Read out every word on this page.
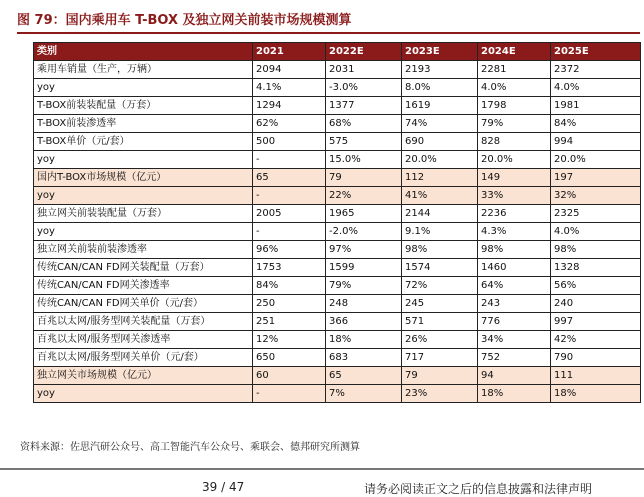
图 79：国内乘用车 T-BOX 及独立网关前装市场规模测算
类别	2021	2022E	2023E	2024E	2025E
乘用车销量（生产，万辆）	2094	2031	2193	2281	2372
yoy	4.1%	-3.0%	8.0%	4.0%	4.0%
T-BOX前装装配量（万套）	1294	1377	1619	1798	1981
T-BOX前装渗透率	62%	68%	74%	79%	84%
T-BOX单价（元/套）	500	575	690	828	994
yoy	-	15.0%	20.0%	20.0%	20.0%
国内T-BOX市场规模（亿元）	65	79	112	149	197
yoy	-	22%	41%	33%	32%
独立网关前装装配量（万套）	2005	1965	2144	2236	2325
yoy	-	-2.0%	9.1%	4.3%	4.0%
独立网关前装前装渗透率	96%	97%	98%	98%	98%
传统CAN/CAN FD网关装配量（万套）	1753	1599	1574	1460	1328
传统CAN/CAN FD网关渗透率	84%	79%	72%	64%	56%
传统CAN/CAN FD网关单价（元/套）	250	248	245	243	240
百兆以太网/服务型网关装配量（万套）	251	366	571	776	997
百兆以太网/服务型网关渗透率	12%	18%	26%	34%	42%
百兆以太网/服务型网关单价（元/套）	650	683	717	752	790
独立网关市场规模（亿元）	60	65	79	94	111
yoy	-	7%	23%	18%	18%
资料来源：佐思汽研公众号、高工智能汽车公众号、乘联会、德邦研究所测算
39 / 47	请务必阅读正文之后的信息披露和法律声明
